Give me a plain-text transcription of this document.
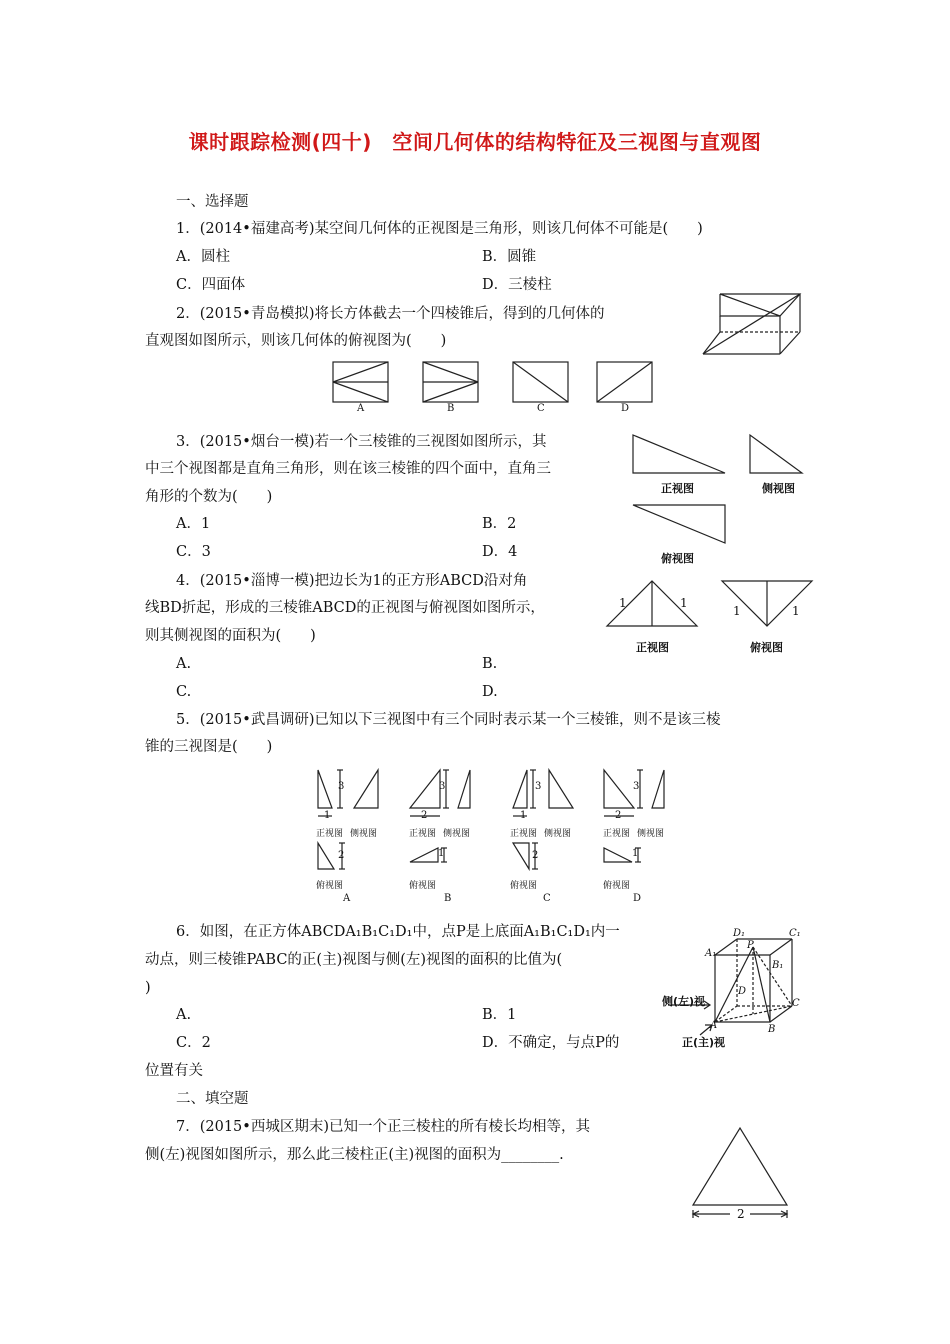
课时跟踪检测(四十)　空间几何体的结构特征及三视图与直观图
一、选择题
1．(2014•福建高考)某空间几何体的正视图是三角形，则该几何体不可能是(　　)
A．圆柱	B．圆锥
C．四面体	D．三棱柱
2．(2015•青岛模拟)将长方体截去一个四棱锥后，得到的几何体的
直观图如图所示，则该几何体的俯视图为(　　)
A	B	C	D
3．(2015•烟台一模)若一个三棱锥的三视图如图所示，其
中三个视图都是直角三角形，则在该三棱锥的四个面中，直角三
角形的个数为(　　)
A．1	B．2
C．3	D．4
正视图	侧视图
俯视图
4．(2015•淄博一模)把边长为1的正方形ABCD沿对角
线BD折起，形成的三棱锥ABCD的正视图与俯视图如图所示，
则其侧视图的面积为(　　)
A.	B.
C.	D.
1	1
1	1
正视图	俯视图
5．(2015•武昌调研)已知以下三视图中有三个同时表示某一个三棱锥，则不是该三棱
锥的三视图是(　　)
3
1
正视图 侧视图
2
俯视图
A
3
2
正视图 侧视图
1
俯视图
B
3
1
正视图 侧视图
2
俯视图
C
3
2
正视图 侧视图
1
俯视图
D
6．如图，在正方体ABCDA₁B₁C₁D₁中，点P是上底面A₁B₁C₁D₁内一
动点，则三棱锥PABC的正(主)视图与侧(左)视图的面积的比值为(
)
A.	B．1
C．2	D．不确定，与点P的
位置有关
D₁	C₁
A₁
P
B₁
D
C
A	B
侧(左)视
正(主)视
二、填空题
7．(2015•西城区期末)已知一个正三棱柱的所有棱长均相等，其
侧(左)视图如图所示，那么此三棱柱正(主)视图的面积为________.
2
